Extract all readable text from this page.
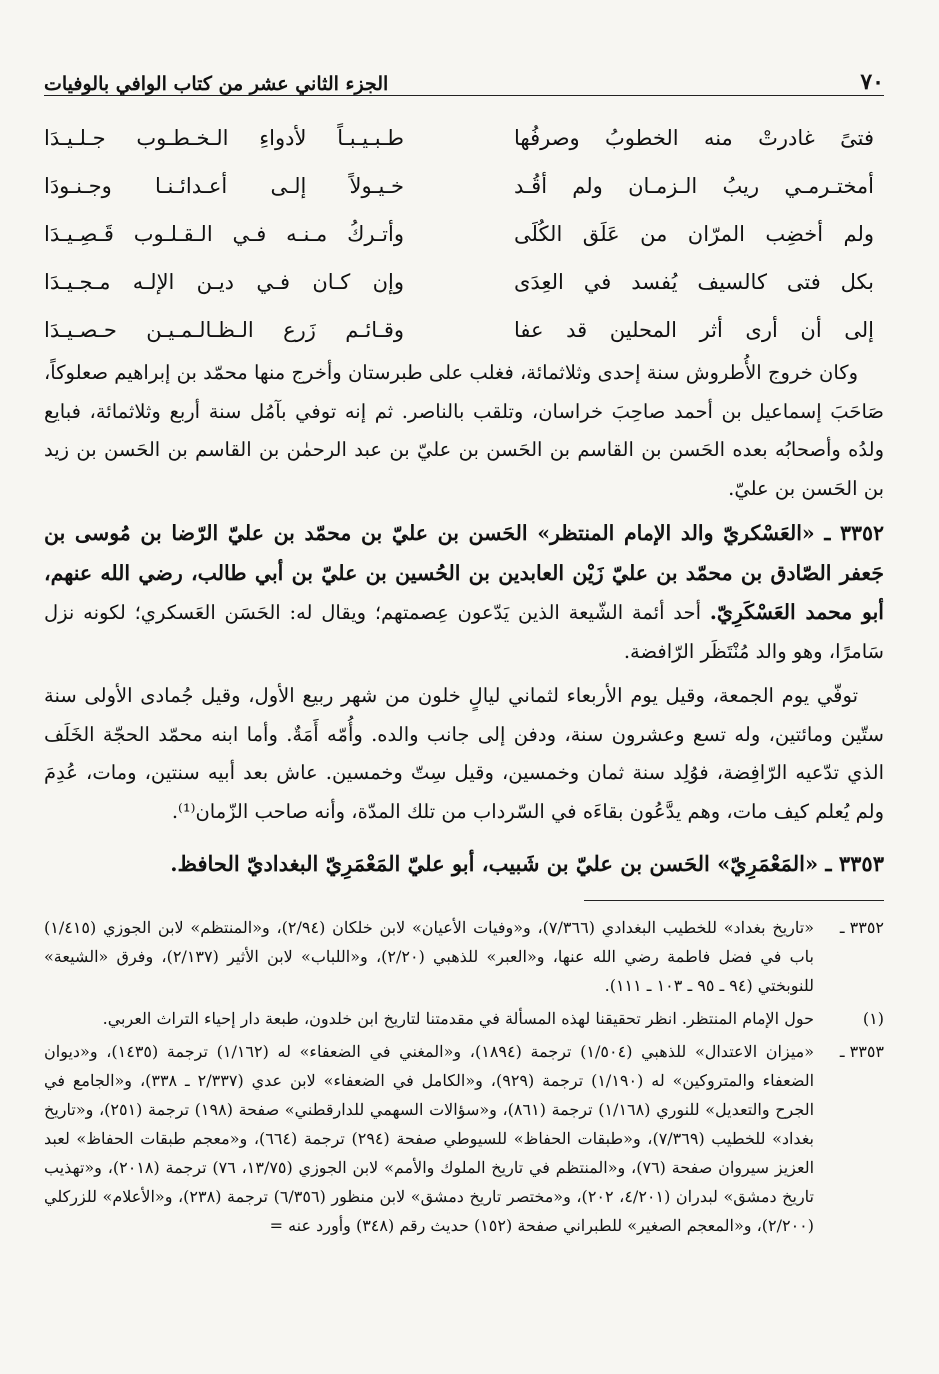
٧٠
الجزء الثاني عشر من كتاب الوافي بالوفيات
فتىً غادرتْ منه الخطوبُ وصرفُها
طـبـيـبـاً لأدواءِ الـخـطـوب جـلـيـدَا
أمختـرمـي ريبُ الـزمـان ولم أقُـد
خـيـولاً إلـى أعـدائـنـا وجـنـودَا
ولم أخضِب المرّان من عَلَق الكُلَى
وأتـركُ مـنـه فـي الـقـلـوب قَـصِـيـدَا
بكل فتى كالسيف يُفسد في العِدَى
وإن كـان فـي ديـن الإلـه مـجـيـدَا
إلى أن أرى أثر المحلين قد عفا
وقـائـم زَرع الـظـالـمـيـن حـصـيـدَا

وكان خروج الأُطروش سنة إحدى وثلاثمائة، فغلب على طبرستان وأخرج منها محمّد بن إبراهيم صعلوكاً، صَاحَبَ إسماعيل بن أحمد صاحِبَ خراسان، وتلقب بالناصر. ثم إنه توفي بآمُل سنة أربع وثلاثمائة، فبايع ولدُه وأصحابُه بعده الحَسن بن القاسم بن الحَسن بن عليّ بن عبد الرحمٰن بن القاسم بن الحَسن بن زيد بن الحَسن بن عليّ.

٣٣٥٢ ـ «العَسْكريّ والد الإمام المنتظر» الحَسن بن عليّ بن محمّد بن عليّ الرّضا بن مُوسى بن جَعفر الصّادق بن محمّد بن عليّ زَيْن العابدين بن الحُسين بن عليّ بن أبي طالب، رضي الله عنهم، أبو محمد العَسْكَرِيّ. أحد أئمة الشّيعة الذين يَدّعون عِصمتهم؛ ويقال له: الحَسَن العَسكري؛ لكونه نزل سَامرًا، وهو والد مُنْتَظَر الرّافضة.

توفّي يوم الجمعة، وقيل يوم الأربعاء لثماني ليالٍ خلون من شهر ربيع الأول، وقيل جُمادى الأولى سنة ستّين ومائتين، وله تسع وعشرون سنة، ودفن إلى جانب والده. وأُمّه أَمَةٌ. وأما ابنه محمّد الحجّة الخَلَف الذي تدّعيه الرّافِضة، فوُلِد سنة ثمان وخمسين، وقيل سِتّ وخمسين. عاش بعد أبيه سنتين، ومات، عُدِمَ ولم يُعلم كيف مات، وهم يدَّعُون بقاءَه في السّرداب من تلك المدّة، وأنه صاحب الزّمان⁽¹⁾.

٣٣٥٣ ـ «المَعْمَرِيّ» الحَسن بن عليّ بن شَبيب، أبو عليّ المَعْمَرِيّ البغداديّ الحافظ.

٣٣٥٢ ـ
«تاريخ بغداد» للخطيب البغدادي (٧/٣٦٦)، و«وفيات الأعيان» لابن خلكان (٢/٩٤)، و«المنتظم» لابن الجوزي (١/٤١٥) باب في فضل فاطمة رضي الله عنها، و«العبر» للذهبي (٢/٢٠)، و«اللباب» لابن الأثير (٢/١٣٧)، وفرق «الشيعة» للنوبختي (٩٤ ـ ٩٥ ـ ١٠٣ ـ ١١١).
(١)
حول الإمام المنتظر. انظر تحقيقنا لهذه المسألة في مقدمتنا لتاريخ ابن خلدون، طبعة دار إحياء التراث العربي.
٣٣٥٣ ـ
«ميزان الاعتدال» للذهبي (١/٥٠٤) ترجمة (١٨٩٤)، و«المغني في الضعفاء» له (١/١٦٢) ترجمة (١٤٣٥)، و«ديوان الضعفاء والمتروكين» له (١/١٩٠) ترجمة (٩٢٩)، و«الكامل في الضعفاء» لابن عدي (٢/٣٣٧ ـ ٣٣٨)، و«الجامع في الجرح والتعديل» للنوري (١/١٦٨) ترجمة (٨٦١)، و«سؤالات السهمي للدارقطني» صفحة (١٩٨) ترجمة (٢٥١)، و«تاريخ بغداد» للخطيب (٧/٣٦٩)، و«طبقات الحفاظ» للسيوطي صفحة (٢٩٤) ترجمة (٦٦٤)، و«معجم طبقات الحفاظ» لعبد العزيز سيروان صفحة (٧٦)، و«المنتظم في تاريخ الملوك والأمم» لابن الجوزي (١٣/٧٥، ٧٦) ترجمة (٢٠١٨)، و«تهذيب تاريخ دمشق» لبدران (٤/٢٠١، ٢٠٢)، و«مختصر تاريخ دمشق» لابن منظور (٦/٣٥٦) ترجمة (٢٣٨)، و«الأعلام» للزركلي (٢/٢٠٠)، و«المعجم الصغير» للطبراني صفحة (١٥٢) حديث رقم (٣٤٨) وأورد عنه =
